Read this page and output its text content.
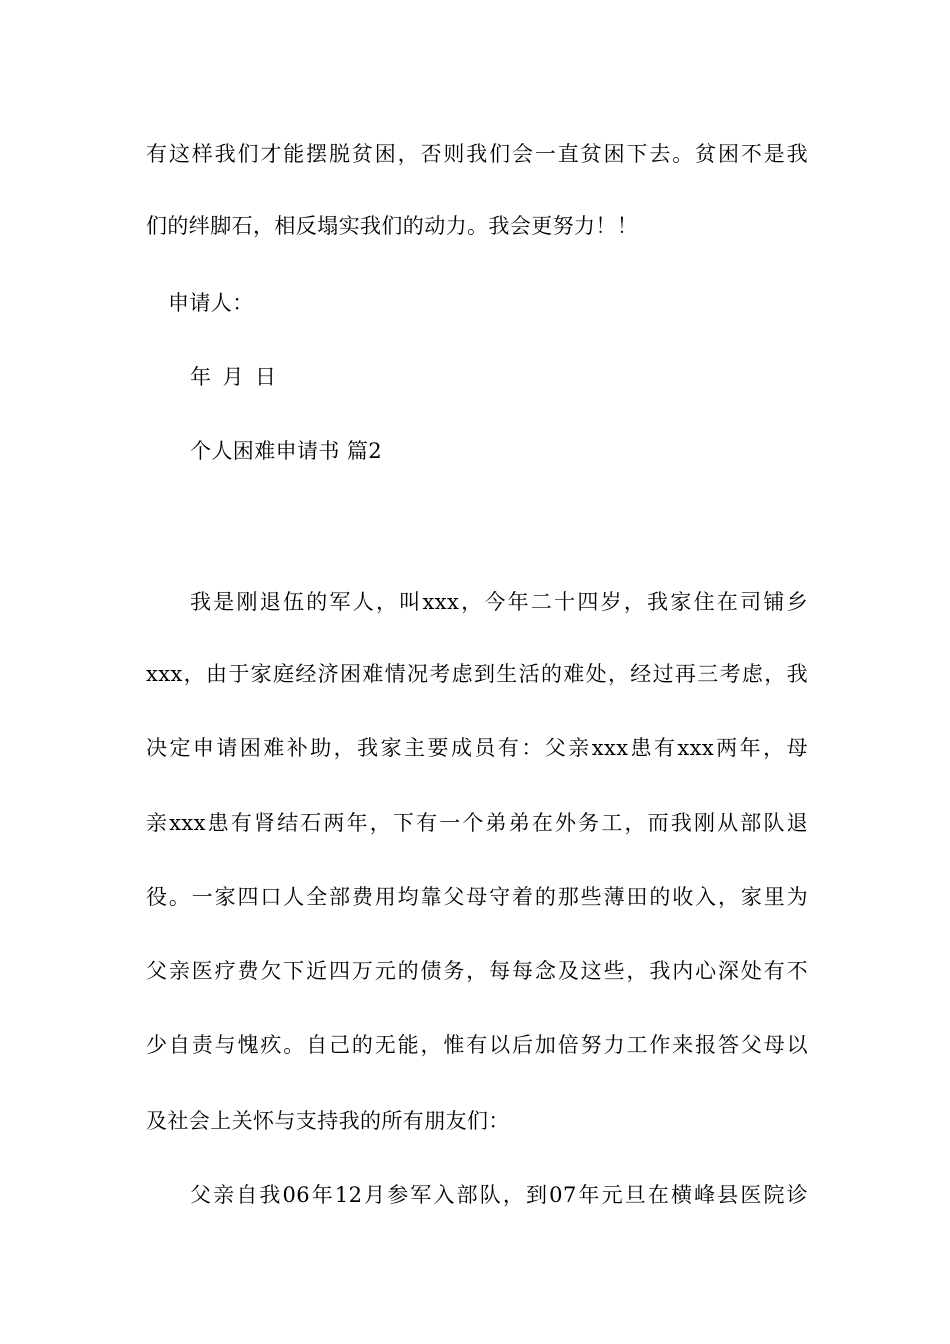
有这样我们才能摆脱贫困，否则我们会一直贫困下去。贫困不是我
们的绊脚石，相反塌实我们的动力。我会更努力！！
申请人：
年 月 日
个人困难申请书 篇2
我是刚退伍的军人，叫xxx，今年二十四岁，我家住在司铺乡
xxx，由于家庭经济困难情况考虑到生活的难处，经过再三考虑，我
决定申请困难补助，我家主要成员有：父亲xxx患有xxx两年，母
亲xxx患有肾结石两年，下有一个弟弟在外务工，而我刚从部队退
役。一家四口人全部费用均靠父母守着的那些薄田的收入，家里为
父亲医疗费欠下近四万元的债务，每每念及这些，我内心深处有不
少自责与愧疚。自己的无能，惟有以后加倍努力工作来报答父母以
及社会上关怀与支持我的所有朋友们：
父亲自我06年12月参军入部队，到07年元旦在横峰县医院诊
